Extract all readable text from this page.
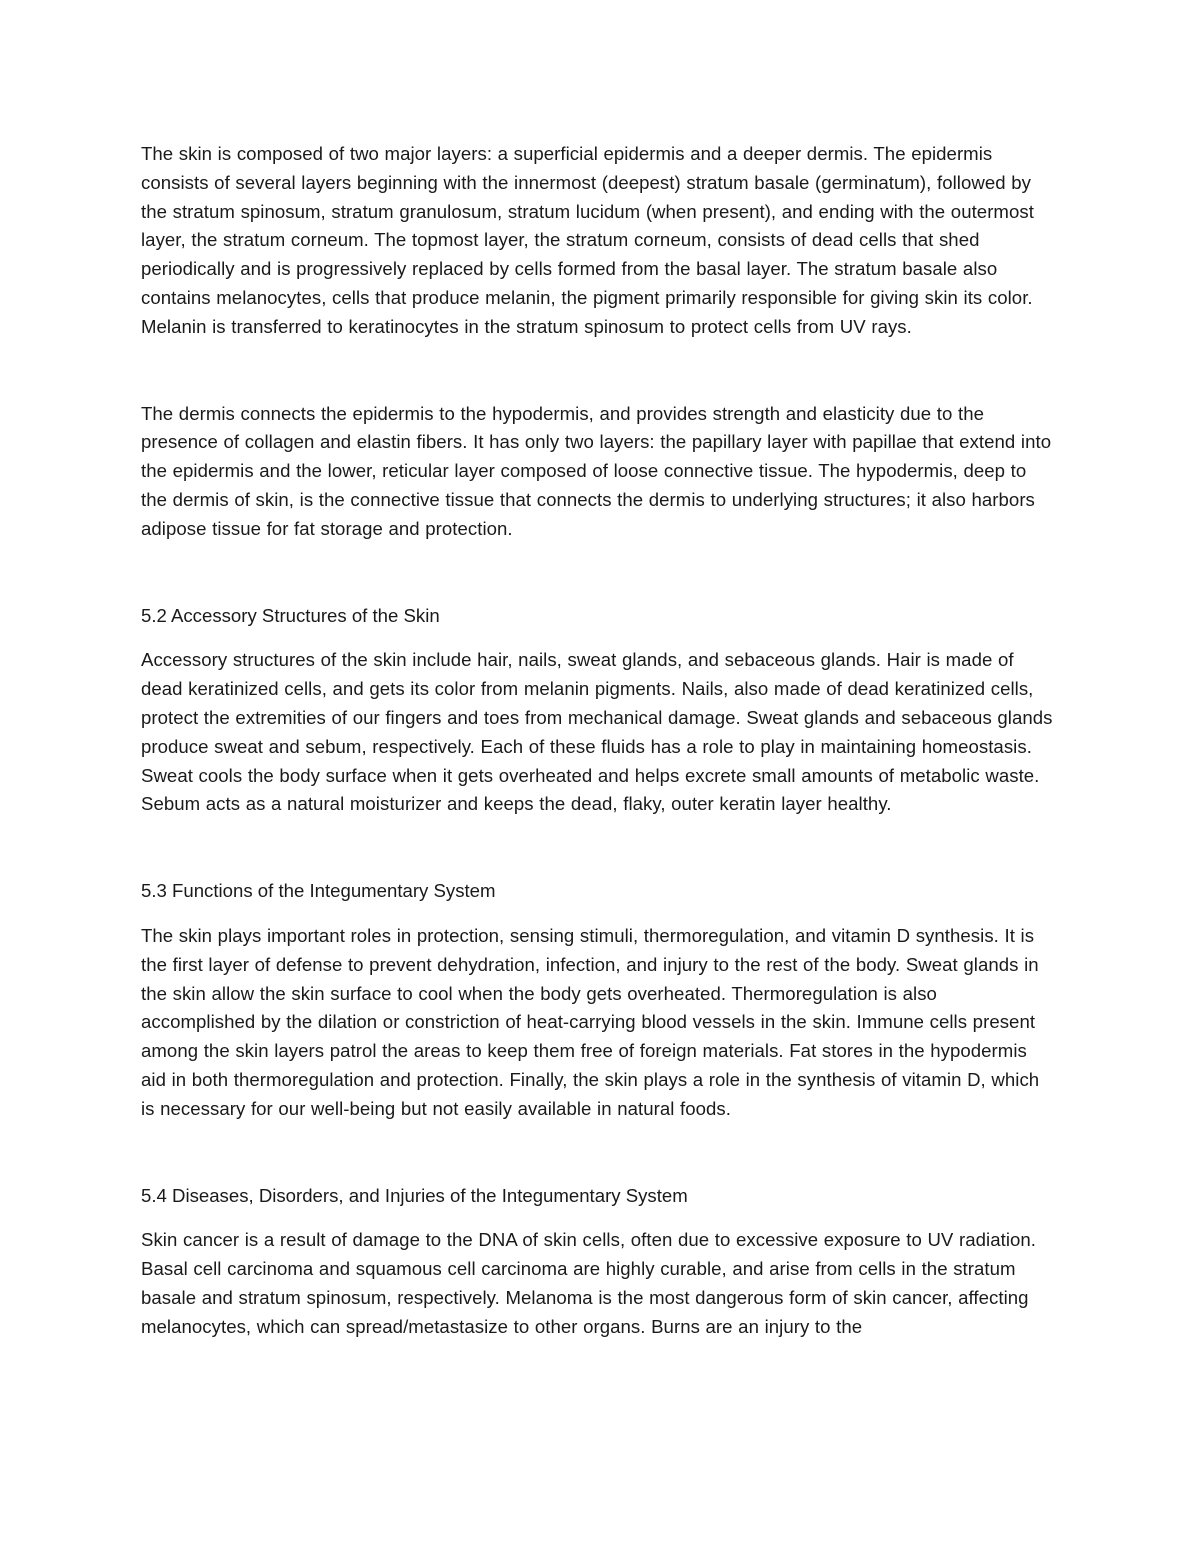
The skin is composed of two major layers: a superficial epidermis and a deeper dermis. The epidermis consists of several layers beginning with the innermost (deepest) stratum basale (germinatum), followed by the stratum spinosum, stratum granulosum, stratum lucidum (when present), and ending with the outermost layer, the stratum corneum. The topmost layer, the stratum corneum, consists of dead cells that shed periodically and is progressively replaced by cells formed from the basal layer. The stratum basale also contains melanocytes, cells that produce melanin, the pigment primarily responsible for giving skin its color. Melanin is transferred to keratinocytes in the stratum spinosum to protect cells from UV rays.

The dermis connects the epidermis to the hypodermis, and provides strength and elasticity due to the presence of collagen and elastin fibers. It has only two layers: the papillary layer with papillae that extend into the epidermis and the lower, reticular layer composed of loose connective tissue. The hypodermis, deep to the dermis of skin, is the connective tissue that connects the dermis to underlying structures; it also harbors adipose tissue for fat storage and protection.

5.2 Accessory Structures of the Skin

Accessory structures of the skin include hair, nails, sweat glands, and sebaceous glands. Hair is made of dead keratinized cells, and gets its color from melanin pigments. Nails, also made of dead keratinized cells, protect the extremities of our fingers and toes from mechanical damage. Sweat glands and sebaceous glands produce sweat and sebum, respectively. Each of these fluids has a role to play in maintaining homeostasis. Sweat cools the body surface when it gets overheated and helps excrete small amounts of metabolic waste. Sebum acts as a natural moisturizer and keeps the dead, flaky, outer keratin layer healthy.

5.3 Functions of the Integumentary System

The skin plays important roles in protection, sensing stimuli, thermoregulation, and vitamin D synthesis. It is the first layer of defense to prevent dehydration, infection, and injury to the rest of the body. Sweat glands in the skin allow the skin surface to cool when the body gets overheated. Thermoregulation is also accomplished by the dilation or constriction of heat-carrying blood vessels in the skin. Immune cells present among the skin layers patrol the areas to keep them free of foreign materials. Fat stores in the hypodermis aid in both thermoregulation and protection. Finally, the skin plays a role in the synthesis of vitamin D, which is necessary for our well-being but not easily available in natural foods.

5.4 Diseases, Disorders, and Injuries of the Integumentary System

Skin cancer is a result of damage to the DNA of skin cells, often due to excessive exposure to UV radiation. Basal cell carcinoma and squamous cell carcinoma are highly curable, and arise from cells in the stratum basale and stratum spinosum, respectively. Melanoma is the most dangerous form of skin cancer, affecting melanocytes, which can spread/metastasize to other organs. Burns are an injury to the
